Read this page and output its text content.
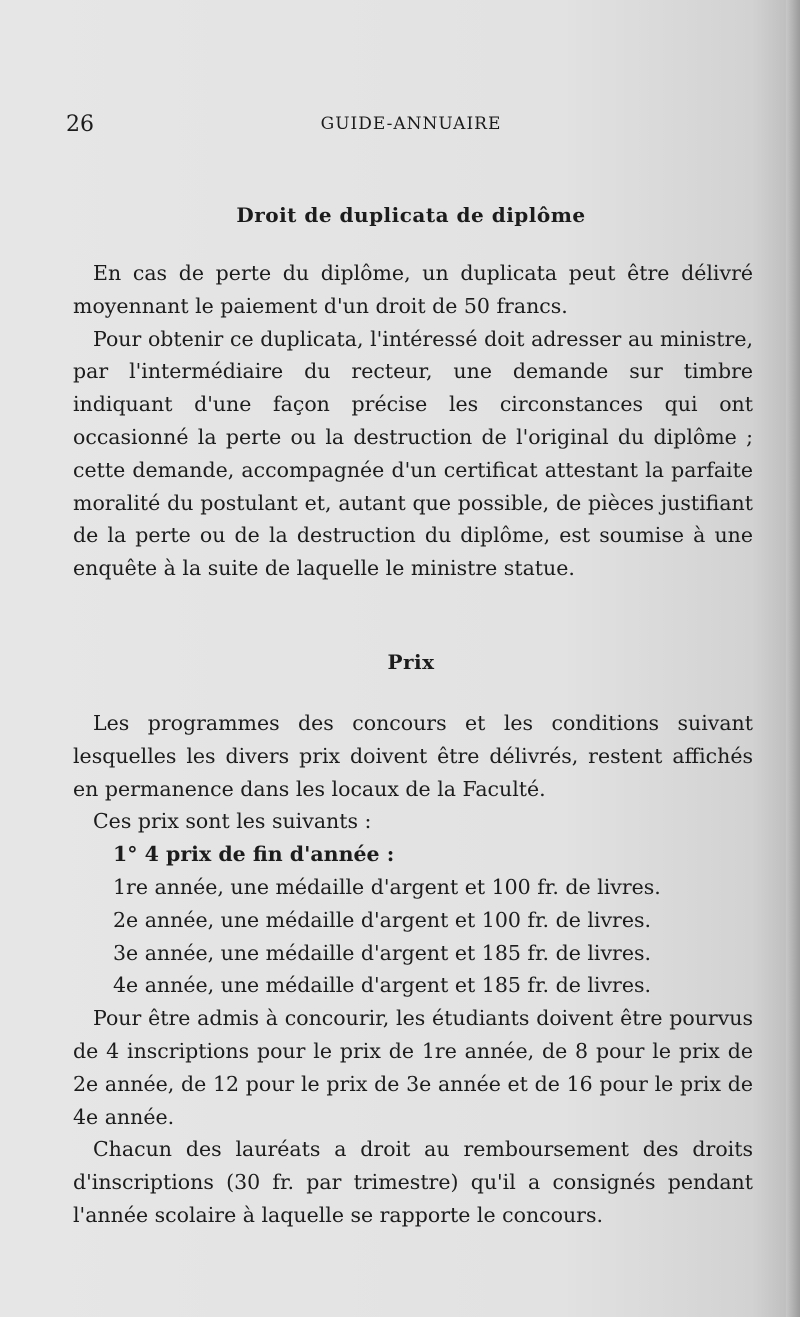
26	GUIDE-ANNUAIRE
Droit de duplicata de diplôme

En cas de perte du diplôme, un duplicata peut être délivré moyennant le paiement d'un droit de 50 francs.

Pour obtenir ce duplicata, l'intéressé doit adresser au ministre, par l'intermédiaire du recteur, une demande sur timbre indiquant d'une façon précise les circonstances qui ont occasionné la perte ou la destruction de l'original du diplôme ; cette demande, accompagnée d'un certificat attestant la parfaite moralité du postulant et, autant que possible, de pièces justifiant de la perte ou de la destruction du diplôme, est soumise à une enquête à la suite de laquelle le ministre statue.

Prix

Les programmes des concours et les conditions suivant lesquelles les divers prix doivent être délivrés, restent affichés en permanence dans les locaux de la Faculté.

Ces prix sont les suivants :

1° 4 prix de fin d'année :

1re année, une médaille d'argent et 100 fr. de livres.

2e année, une médaille d'argent et 100 fr. de livres.

3e année, une médaille d'argent et 185 fr. de livres.

4e année, une médaille d'argent et 185 fr. de livres.

Pour être admis à concourir, les étudiants doivent être pourvus de 4 inscriptions pour le prix de 1re année, de 8 pour le prix de 2e année, de 12 pour le prix de 3e année et de 16 pour le prix de 4e année.

Chacun des lauréats a droit au remboursement des droits d'inscriptions (30 fr. par trimestre) qu'il a consignés pendant l'année scolaire à laquelle se rapporte le concours.
